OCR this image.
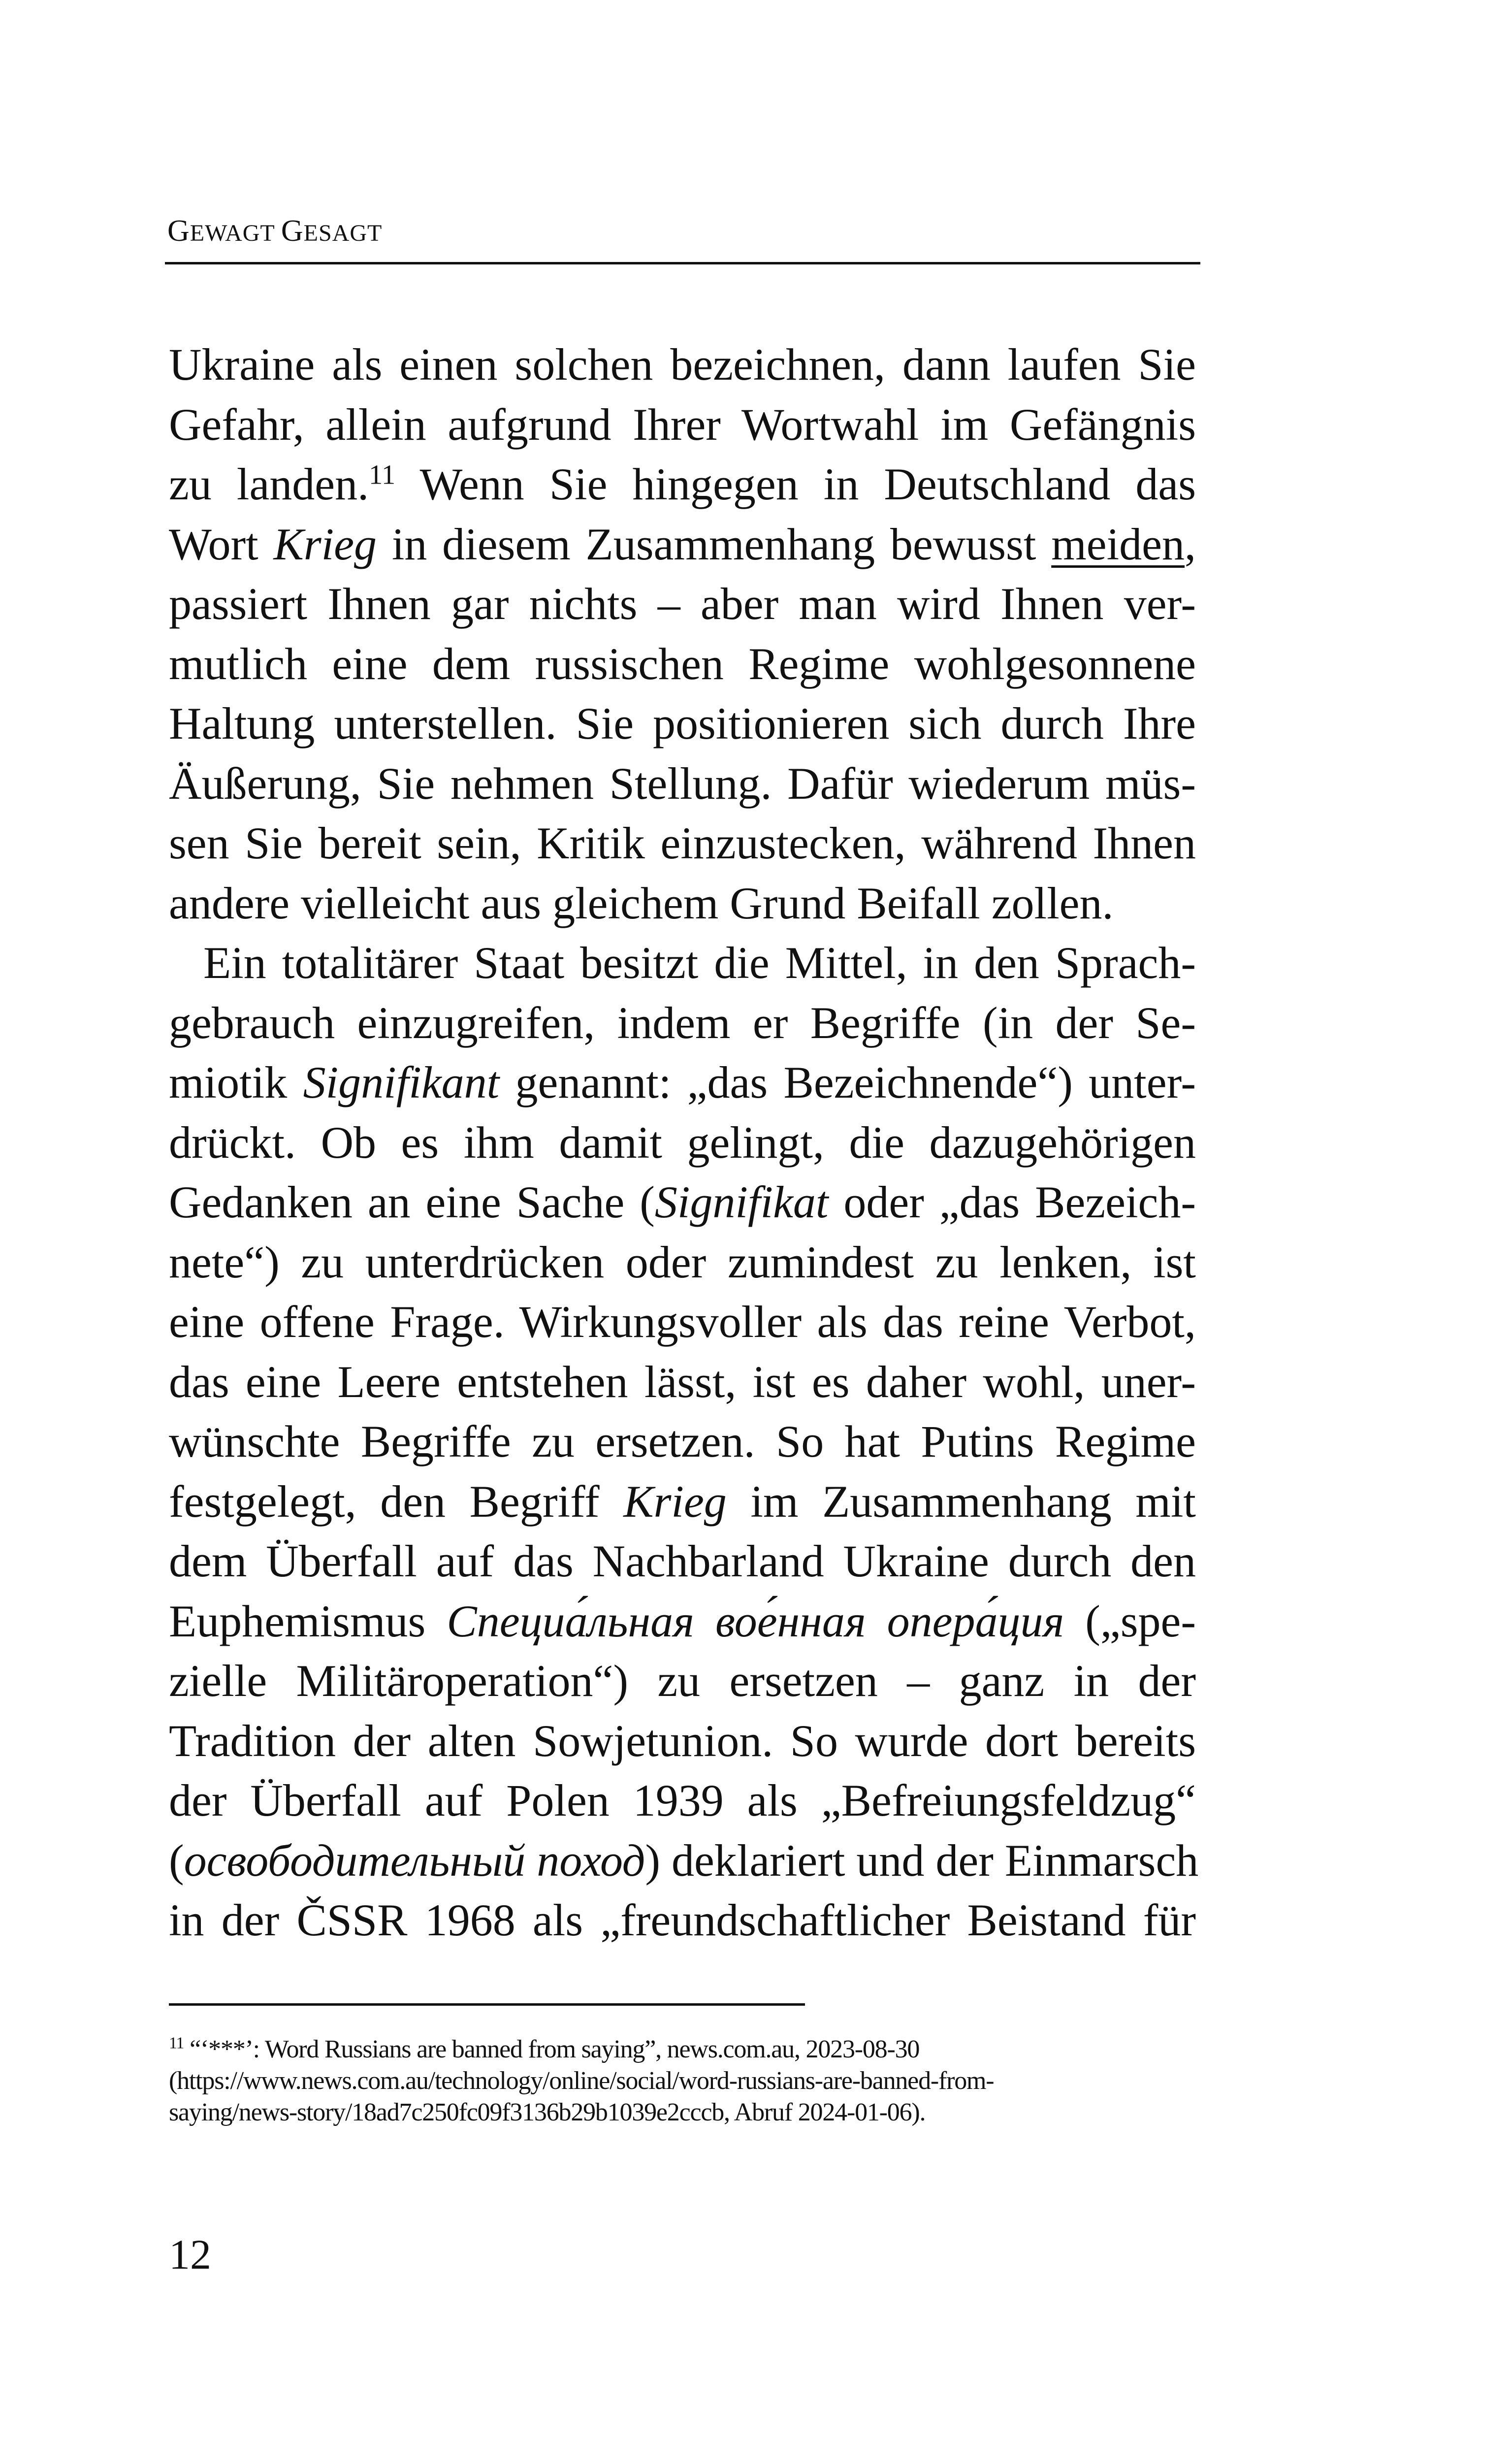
GEWAGT GESAGT

Ukraine als einen solchen bezeichnen, dann laufen Sie
Gefahr, allein aufgrund Ihrer Wortwahl im Gefängnis
zu landen.$^{11}$ Wenn Sie hingegen in Deutschland das
Wort Krieg in diesem Zusammenhang bewusst meiden,
passiert Ihnen gar nichts – aber man wird Ihnen ver-
mutlich eine dem russischen Regime wohlgesonnene
Haltung unterstellen. Sie positionieren sich durch Ihre
Äußerung, Sie nehmen Stellung. Dafür wiederum müs-
sen Sie bereit sein, Kritik einzustecken, während Ihnen
andere vielleicht aus gleichem Grund Beifall zollen.

Ein totalitärer Staat besitzt die Mittel, in den Sprach-
gebrauch einzugreifen, indem er Begriffe (in der Se-
miotik Signifikant genannt: „das Bezeichnende“) unter-
drückt. Ob es ihm damit gelingt, die dazugehörigen
Gedanken an eine Sache (Signifikat oder „das Bezeich-
nete“) zu unterdrücken oder zumindest zu lenken, ist
eine offene Frage. Wirkungsvoller als das reine Verbot,
das eine Leere entstehen lässt, ist es daher wohl, uner-
wünschte Begriffe zu ersetzen. So hat Putins Regime
festgelegt, den Begriff Krieg im Zusammenhang mit
dem Überfall auf das Nachbarland Ukraine durch den
Euphemismus Специа́льная вое́нная опера́ция („spe-
zielle Militäroperation“) zu ersetzen – ganz in der
Tradition der alten Sowjetunion. So wurde dort bereits
der Überfall auf Polen 1939 als „Befreiungsfeldzug“
(освободительный поход) deklariert und der Einmarsch
in der ČSSR 1968 als „freundschaftlicher Beistand für

$^{11}$ “‘***’: Word Russians are banned from saying”, news.com.au, 2023-08-30
(https://www.news.com.au/technology/online/social/word-russians-are-banned-from-
saying/news-story/18ad7c250fc09f3136b29b1039e2cccb, Abruf 2024-01-06).
12
